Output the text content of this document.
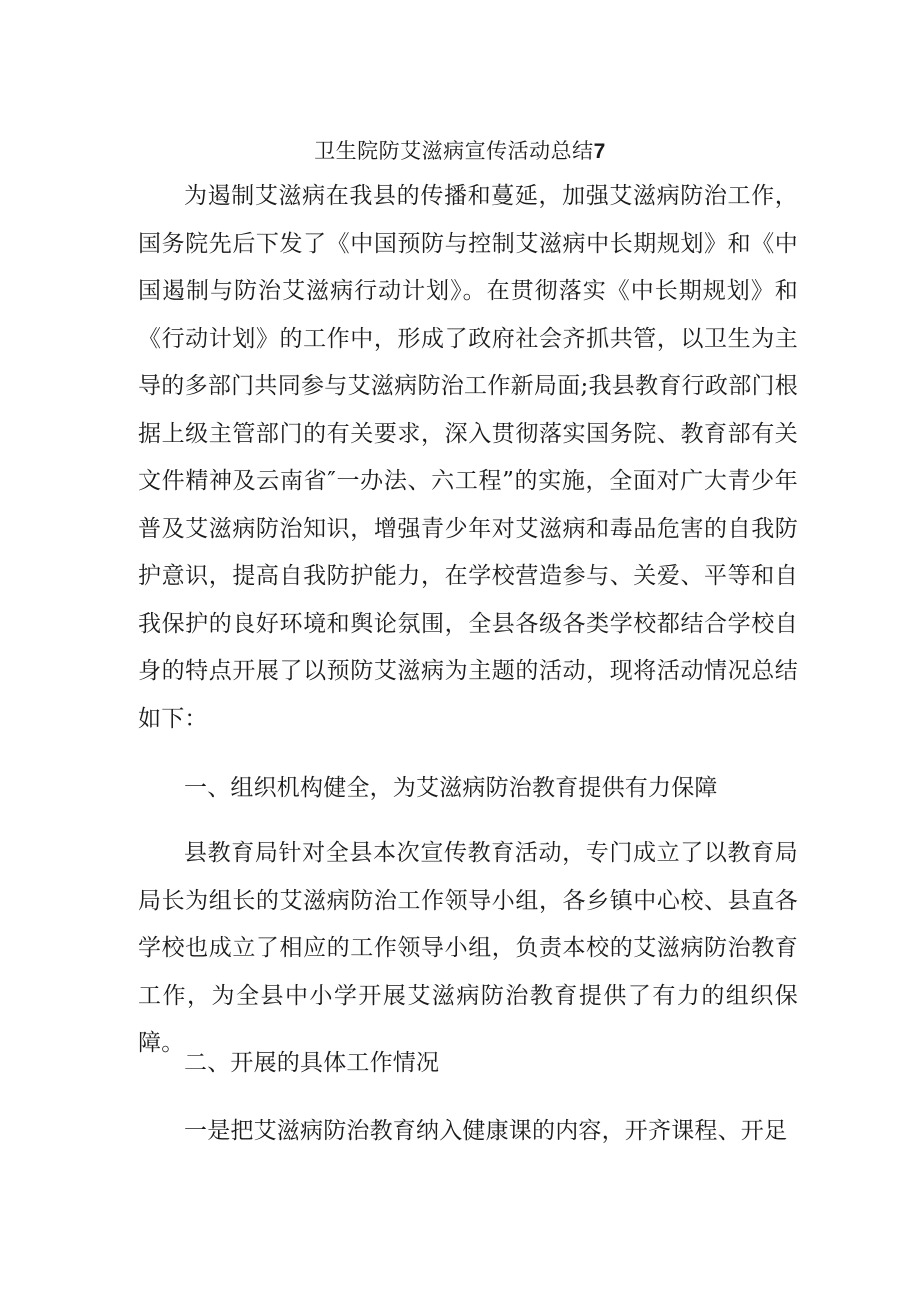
卫生院防艾滋病宣传活动总结7

为遏制艾滋病在我县的传播和蔓延，加强艾滋病防治工作，国务院先后下发了《中国预防与控制艾滋病中长期规划》和《中国遏制与防治艾滋病行动计划》。在贯彻落实《中长期规划》和《行动计划》的工作中，形成了政府社会齐抓共管，以卫生为主导的多部门共同参与艾滋病防治工作新局面;我县教育行政部门根据上级主管部门的有关要求，深入贯彻落实国务院、教育部有关文件精神及云南省″一办法、六工程”的实施，全面对广大青少年普及艾滋病防治知识，增强青少年对艾滋病和毒品危害的自我防护意识，提高自我防护能力，在学校营造参与、关爱、平等和自我保护的良好环境和舆论氛围，全县各级各类学校都结合学校自身的特点开展了以预防艾滋病为主题的活动，现将活动情况总结如下：

一、组织机构健全，为艾滋病防治教育提供有力保障

县教育局针对全县本次宣传教育活动，专门成立了以教育局局长为组长的艾滋病防治工作领导小组，各乡镇中心校、县直各学校也成立了相应的工作领导小组，负责本校的艾滋病防治教育工作，为全县中小学开展艾滋病防治教育提供了有力的组织保障。

二、开展的具体工作情况

一是把艾滋病防治教育纳入健康课的内容，开齐课程、开足
